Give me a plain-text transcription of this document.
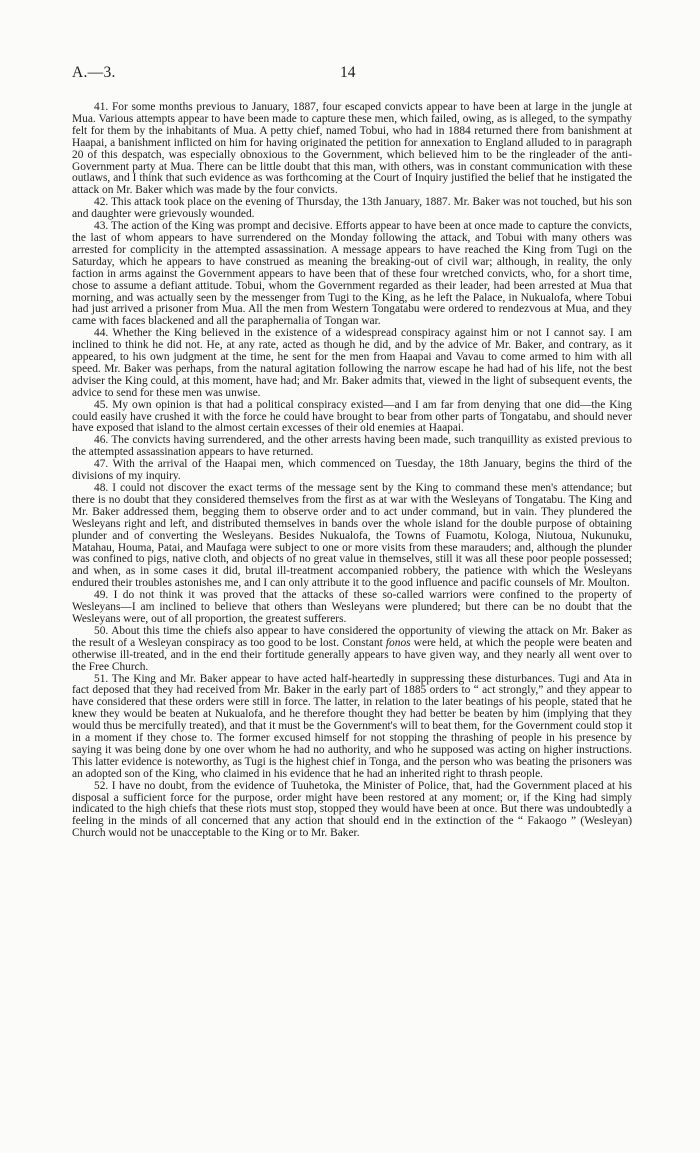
A.—3.	14

41. For some months previous to January, 1887, four escaped convicts appear to have been at large in the jungle at Mua. Various attempts appear to have been made to capture these men, which failed, owing, as is alleged, to the sympathy felt for them by the inhabitants of Mua. A petty chief, named Tobui, who had in 1884 returned there from banishment at Haapai, a banishment inflicted on him for having originated the petition for annexation to England alluded to in paragraph 20 of this despatch, was especially obnoxious to the Government, which believed him to be the ringleader of the anti-Government party at Mua. There can be little doubt that this man, with others, was in constant communication with these outlaws, and I think that such evidence as was forthcoming at the Court of Inquiry justified the belief that he instigated the attack on Mr. Baker which was made by the four convicts.

42. This attack took place on the evening of Thursday, the 13th January, 1887. Mr. Baker was not touched, but his son and daughter were grievously wounded.

43. The action of the King was prompt and decisive. Efforts appear to have been at once made to capture the convicts, the last of whom appears to have surrendered on the Monday following the attack, and Tobui with many others was arrested for complicity in the attempted assassination. A message appears to have reached the King from Tugi on the Saturday, which he appears to have construed as meaning the breaking-out of civil war; although, in reality, the only faction in arms against the Government appears to have been that of these four wretched convicts, who, for a short time, chose to assume a defiant attitude. Tobui, whom the Government regarded as their leader, had been arrested at Mua that morning, and was actually seen by the messenger from Tugi to the King, as he left the Palace, in Nukualofa, where Tobui had just arrived a prisoner from Mua. All the men from Western Tongatabu were ordered to rendezvous at Mua, and they came with faces blackened and all the paraphernalia of Tongan war.

44. Whether the King believed in the existence of a widespread conspiracy against him or not I cannot say. I am inclined to think he did not. He, at any rate, acted as though he did, and by the advice of Mr. Baker, and contrary, as it appeared, to his own judgment at the time, he sent for the men from Haapai and Vavau to come armed to him with all speed. Mr. Baker was perhaps, from the natural agitation following the narrow escape he had had of his life, not the best adviser the King could, at this moment, have had; and Mr. Baker admits that, viewed in the light of subsequent events, the advice to send for these men was unwise.

45. My own opinion is that had a political conspiracy existed—and I am far from denying that one did—the King could easily have crushed it with the force he could have brought to bear from other parts of Tongatabu, and should never have exposed that island to the almost certain excesses of their old enemies at Haapai.

46. The convicts having surrendered, and the other arrests having been made, such tranquillity as existed previous to the attempted assassination appears to have returned.

47. With the arrival of the Haapai men, which commenced on Tuesday, the 18th January, begins the third of the divisions of my inquiry.

48. I could not discover the exact terms of the message sent by the King to command these men's attendance; but there is no doubt that they considered themselves from the first as at war with the Wesleyans of Tongatabu. The King and Mr. Baker addressed them, begging them to observe order and to act under command, but in vain. They plundered the Wesleyans right and left, and distributed themselves in bands over the whole island for the double purpose of obtaining plunder and of converting the Wesleyans. Besides Nukualofa, the Towns of Fuamotu, Kologa, Niutoua, Nukunuku, Matahau, Houma, Patai, and Maufaga were subject to one or more visits from these marauders; and, although the plunder was confined to pigs, native cloth, and objects of no great value in themselves, still it was all these poor people possessed; and when, as in some cases it did, brutal ill-treatment accompanied robbery, the patience with which the Wesleyans endured their troubles astonishes me, and I can only attribute it to the good influence and pacific counsels of Mr. Moulton.

49. I do not think it was proved that the attacks of these so-called warriors were confined to the property of Wesleyans—I am inclined to believe that others than Wesleyans were plundered; but there can be no doubt that the Wesleyans were, out of all proportion, the greatest sufferers.

50. About this time the chiefs also appear to have considered the opportunity of viewing the attack on Mr. Baker as the result of a Wesleyan conspiracy as too good to be lost. Constant fonos were held, at which the people were beaten and otherwise ill-treated, and in the end their fortitude generally appears to have given way, and they nearly all went over to the Free Church.

51. The King and Mr. Baker appear to have acted half-heartedly in suppressing these disturbances. Tugi and Ata in fact deposed that they had received from Mr. Baker in the early part of 1885 orders to “ act strongly,” and they appear to have considered that these orders were still in force. The latter, in relation to the later beatings of his people, stated that he knew they would be beaten at Nukualofa, and he therefore thought they had better be beaten by him (implying that they would thus be mercifully treated), and that it must be the Government's will to beat them, for the Government could stop it in a moment if they chose to. The former excused himself for not stopping the thrashing of people in his presence by saying it was being done by one over whom he had no authority, and who he supposed was acting on higher instructions. This latter evidence is noteworthy, as Tugi is the highest chief in Tonga, and the person who was beating the prisoners was an adopted son of the King, who claimed in his evidence that he had an inherited right to thrash people.

52. I have no doubt, from the evidence of Tuuhetoka, the Minister of Police, that, had the Government placed at his disposal a sufficient force for the purpose, order might have been restored at any moment; or, if the King had simply indicated to the high chiefs that these riots must stop, stopped they would have been at once. But there was undoubtedly a feeling in the minds of all concerned that any action that should end in the extinction of the “ Fakaogo ” (Wesleyan) Church would not be unacceptable to the King or to Mr. Baker.
